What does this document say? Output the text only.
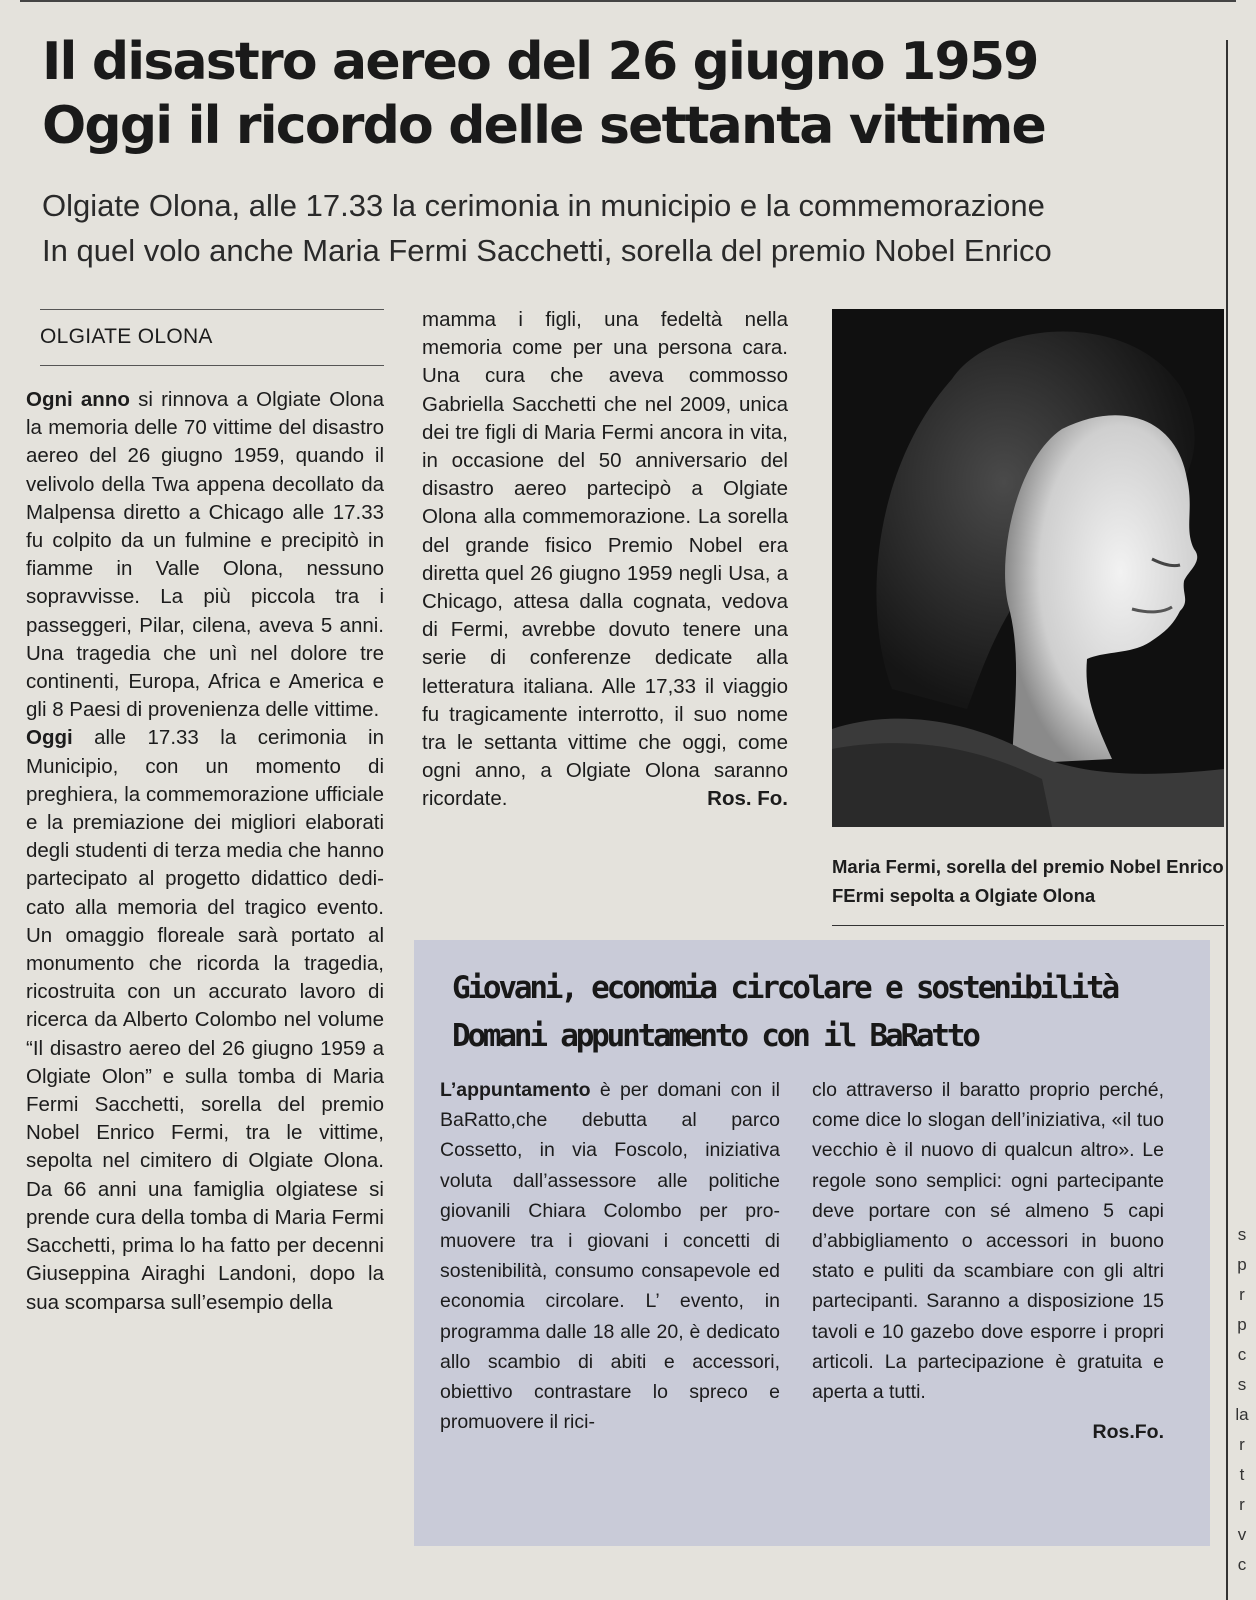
s
p
r
p
c
s
la
r
t
r
v
c
Il disastro aereo del 26 giugno 1959
Oggi il ricordo delle settanta vittime
Olgiate Olona, alle 17.33 la cerimonia in municipio e la commemorazione
In quel volo anche Maria Fermi Sacchetti, sorella del premio Nobel Enrico
OLGIATE OLONA

Ogni anno si rinnova a Olgiate Olona la memoria delle 70 vittime del disastro aereo del 26 giugno 1959, quando il velivolo della Twa appena decollato da Malpensa diretto a Chicago alle 17.33 fu colpito da un fulmine e precipitò in fiamme in Valle Olona, nessuno sopravvisse. La più piccola tra i passeggeri, Pilar, cilena, aveva 5 anni. Una tragedia che unì nel dolore tre continenti, Europa, Africa e America e gli 8 Paesi di provenienza delle vittime.

Oggi alle 17.33 la cerimonia in Municipio, con un momento di preghiera, la commemorazione ufficiale e la premiazione dei migliori elaborati degli studenti di terza media che hanno partecipato al progetto didattico dedicato alla memoria del tragico evento. Un omaggio floreale sarà portato al monumento che ricorda la tragedia, ricostruita con un accurato lavoro di ricerca da Alberto Colombo nel volume “Il disastro aereo del 26 giugno 1959 a Olgiate Olon” e sulla tomba di Maria Fermi Sacchetti, sorella del premio Nobel Enrico Fermi, tra le vittime, sepolta nel cimitero di Olgiate Olona. Da 66 anni una famiglia olgiatese si prende cura della tomba di Maria Fermi Sacchetti, prima lo ha fatto per decenni Giuseppina Airaghi Landoni, dopo la sua scomparsa sull’esempio della

mamma i figli, una fedeltà nella memoria come per una persona cara. Una cura che aveva commosso Gabriella Sacchetti che nel 2009, unica dei tre figli di Maria Fermi ancora in vita, in occasione del 50 anniversario del disastro aereo partecipò a Olgiate Olona alla commemorazione. La sorella del grande fisico Premio Nobel era diretta quel 26 giugno 1959 negli Usa, a Chicago, attesa dalla cognata, vedova di Fermi, avrebbe dovuto tenere una serie di conferenze dedicate alla letteratura italiana. Alle 17,33 il viaggio fu tragicamente interrotto, il suo nome tra le settanta vittime che oggi, come ogni anno, a Olgiate Olona saranno ricordate.	Ros. Fo.

Maria Fermi, sorella del premio Nobel Enrico FErmi sepolta a Olgiate Olona
Giovani, economia circolare e sostenibilità
Domani appuntamento con il BaRatto

L’appuntamento è per domani con il BaRatto,che debutta al parco Cossetto, in via Foscolo, iniziativa voluta dall’assessore alle politiche giovanili Chiara Colombo per promuovere tra i giovani i concetti di sostenibilità, consumo consapevole ed economia circolare. L’ evento, in programma dalle 18 alle 20, è dedicato allo scambio di abiti e accessori, obiettivo contrastare lo spreco e promuovere il rici-

clo attraverso il baratto proprio perché, come dice lo slogan dell’iniziativa, «il tuo vecchio è il nuovo di qualcun altro». Le regole sono semplici: ogni partecipante deve portare con sé almeno 5 capi d’abbigliamento o accessori in buono stato e puliti da scambiare con gli altri partecipanti. Saranno a disposizione 15 tavoli e 10 gazebo dove esporre i propri articoli. La partecipazione è gratuita e aperta a tutti.

Ros.Fo.
